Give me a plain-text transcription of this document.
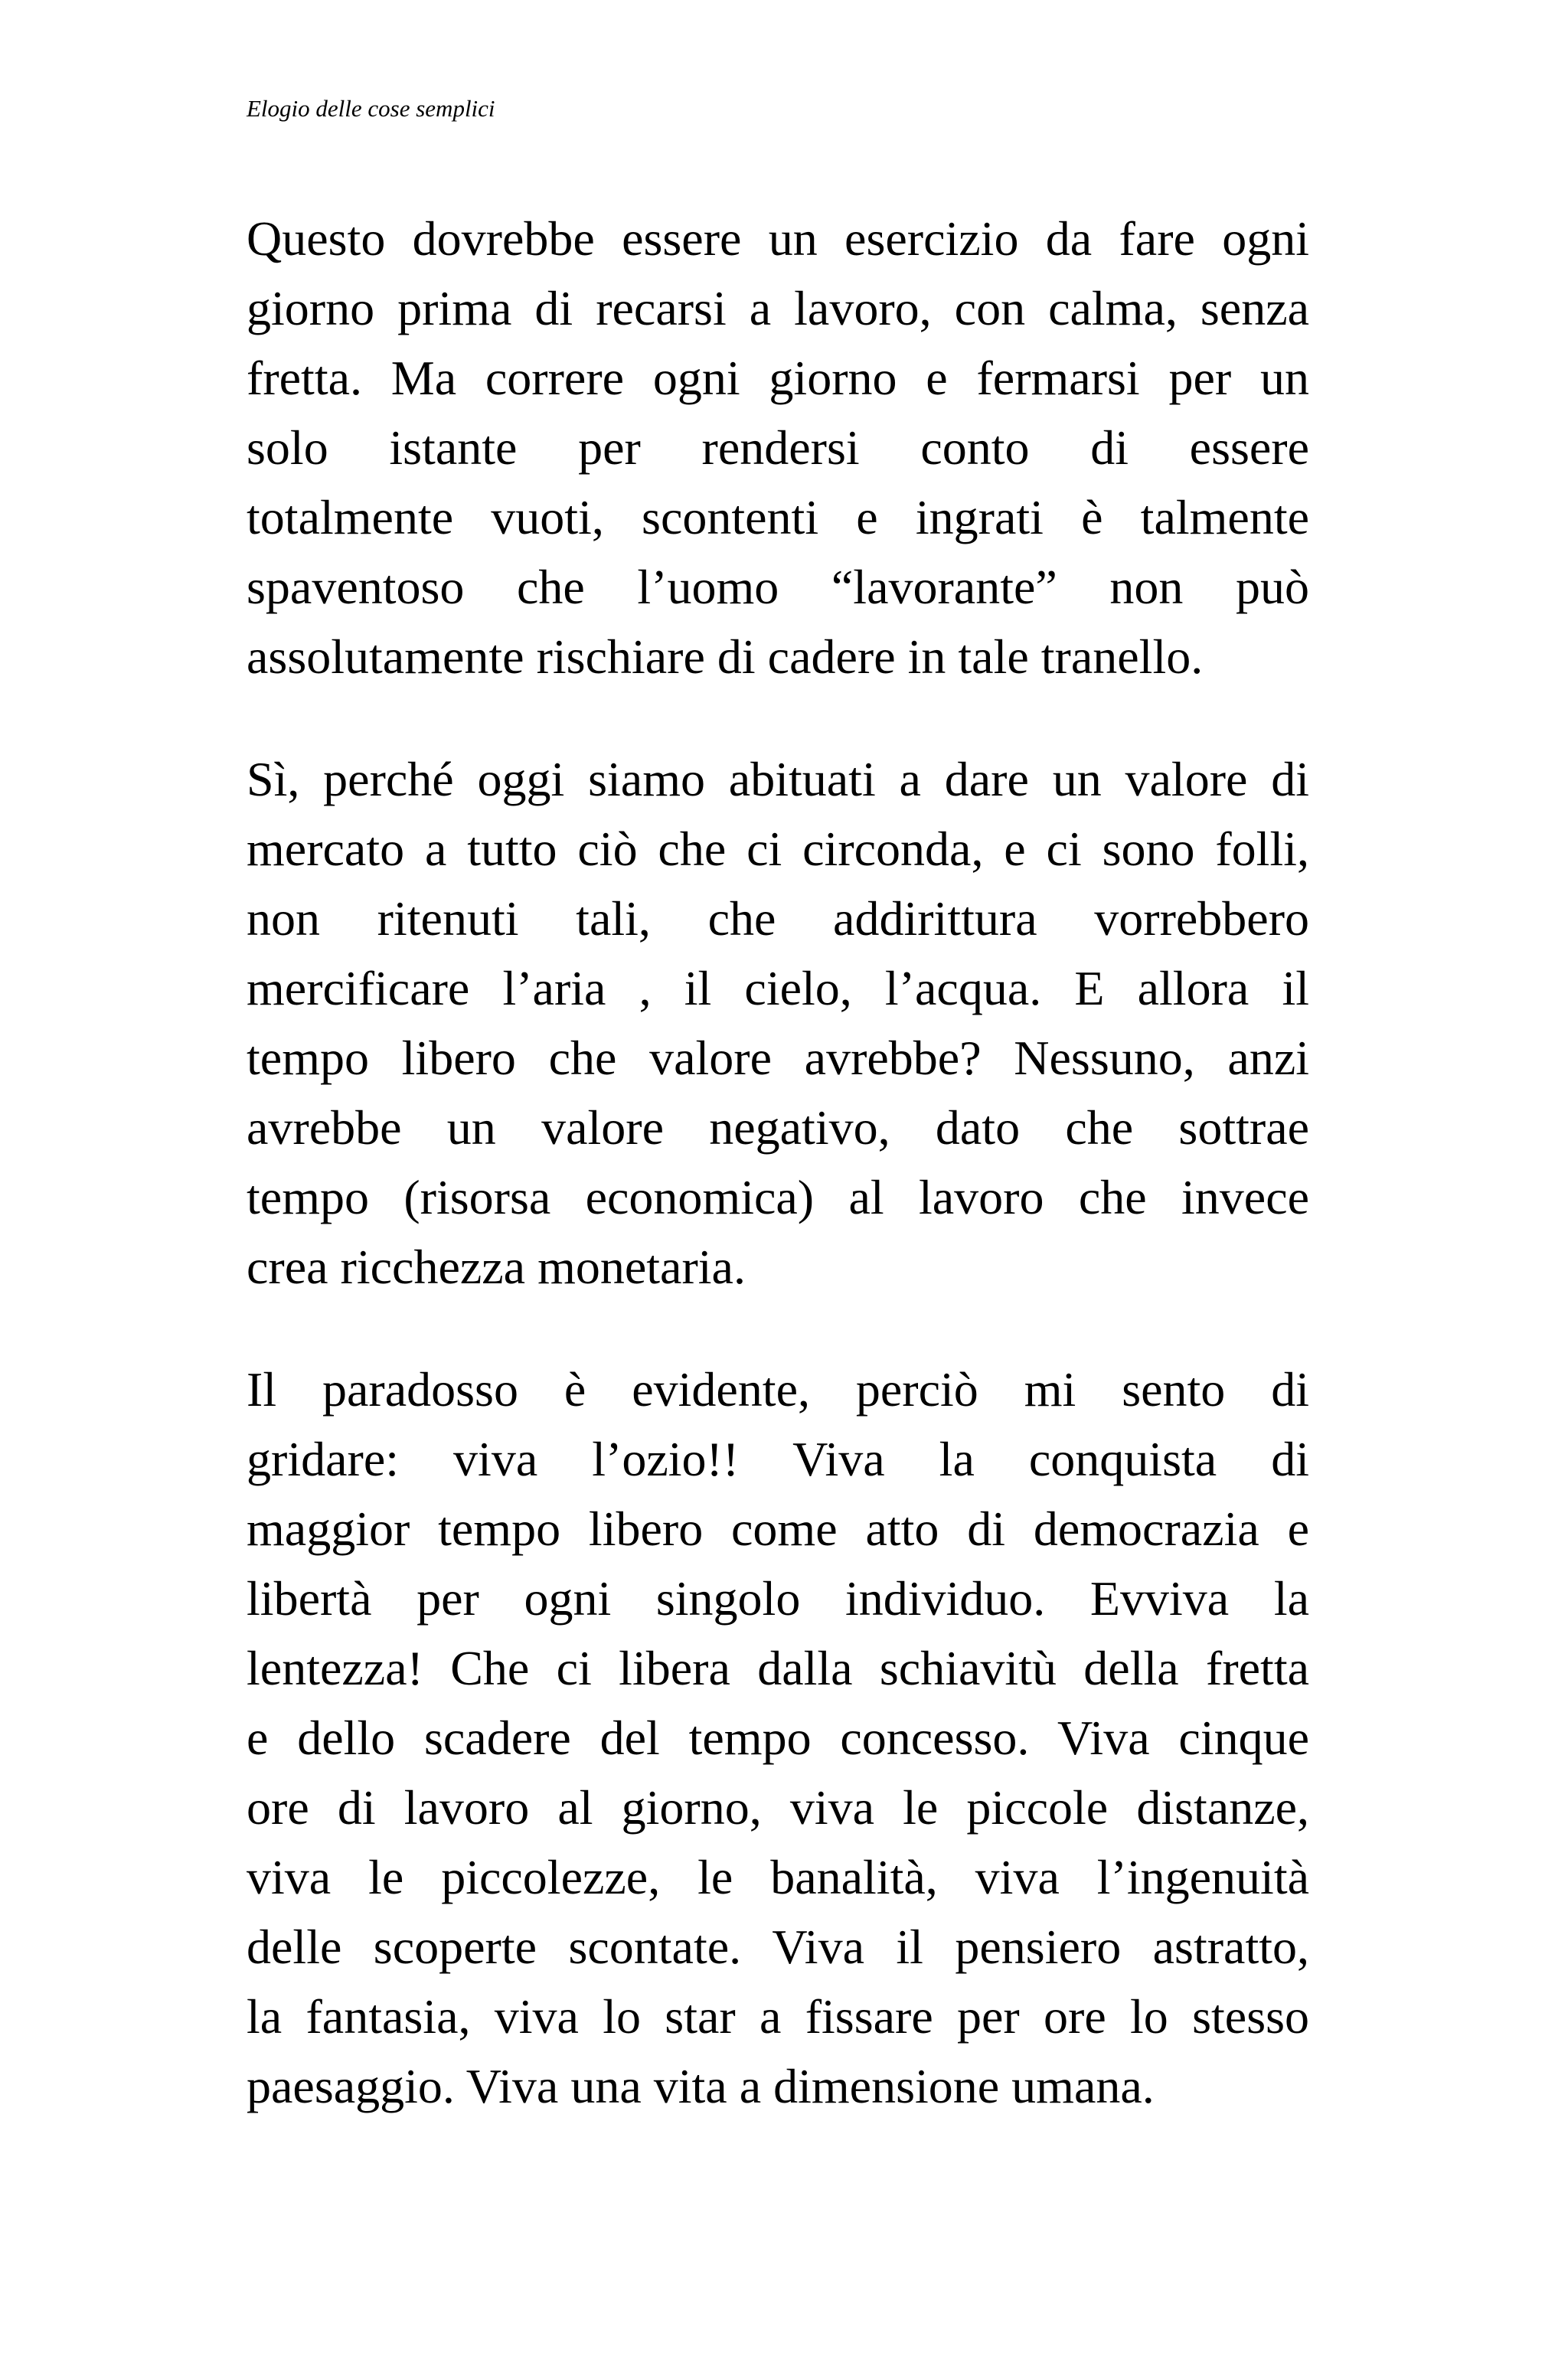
Elogio delle cose semplici

Questo dovrebbe essere un esercizio da fare ogni
giorno prima di recarsi a lavoro, con calma, senza
fretta. Ma correre ogni giorno e fermarsi per un
solo istante per rendersi conto di essere
totalmente vuoti, scontenti e ingrati è talmente
spaventoso che l’uomo “lavorante” non può
assolutamente rischiare di cadere in tale tranello.

Sì, perché oggi siamo abituati a dare un valore di
mercato a tutto ciò che ci circonda, e ci sono folli,
non ritenuti tali, che addirittura vorrebbero
mercificare l’aria , il cielo, l’acqua. E allora il
tempo libero che valore avrebbe? Nessuno, anzi
avrebbe un valore negativo, dato che sottrae
tempo (risorsa economica) al lavoro che invece
crea ricchezza monetaria.

Il paradosso è evidente, perciò mi sento di
gridare: viva l’ozio!! Viva la conquista di
maggior tempo libero come atto di democrazia e
libertà per ogni singolo individuo. Evviva la
lentezza! Che ci libera dalla schiavitù della fretta
e dello scadere del tempo concesso. Viva cinque
ore di lavoro al giorno, viva le piccole distanze,
viva le piccolezze, le banalità, viva l’ingenuità
delle scoperte scontate. Viva il pensiero astratto,
la fantasia, viva lo star a fissare per ore lo stesso
paesaggio. Viva una vita a dimensione umana.
